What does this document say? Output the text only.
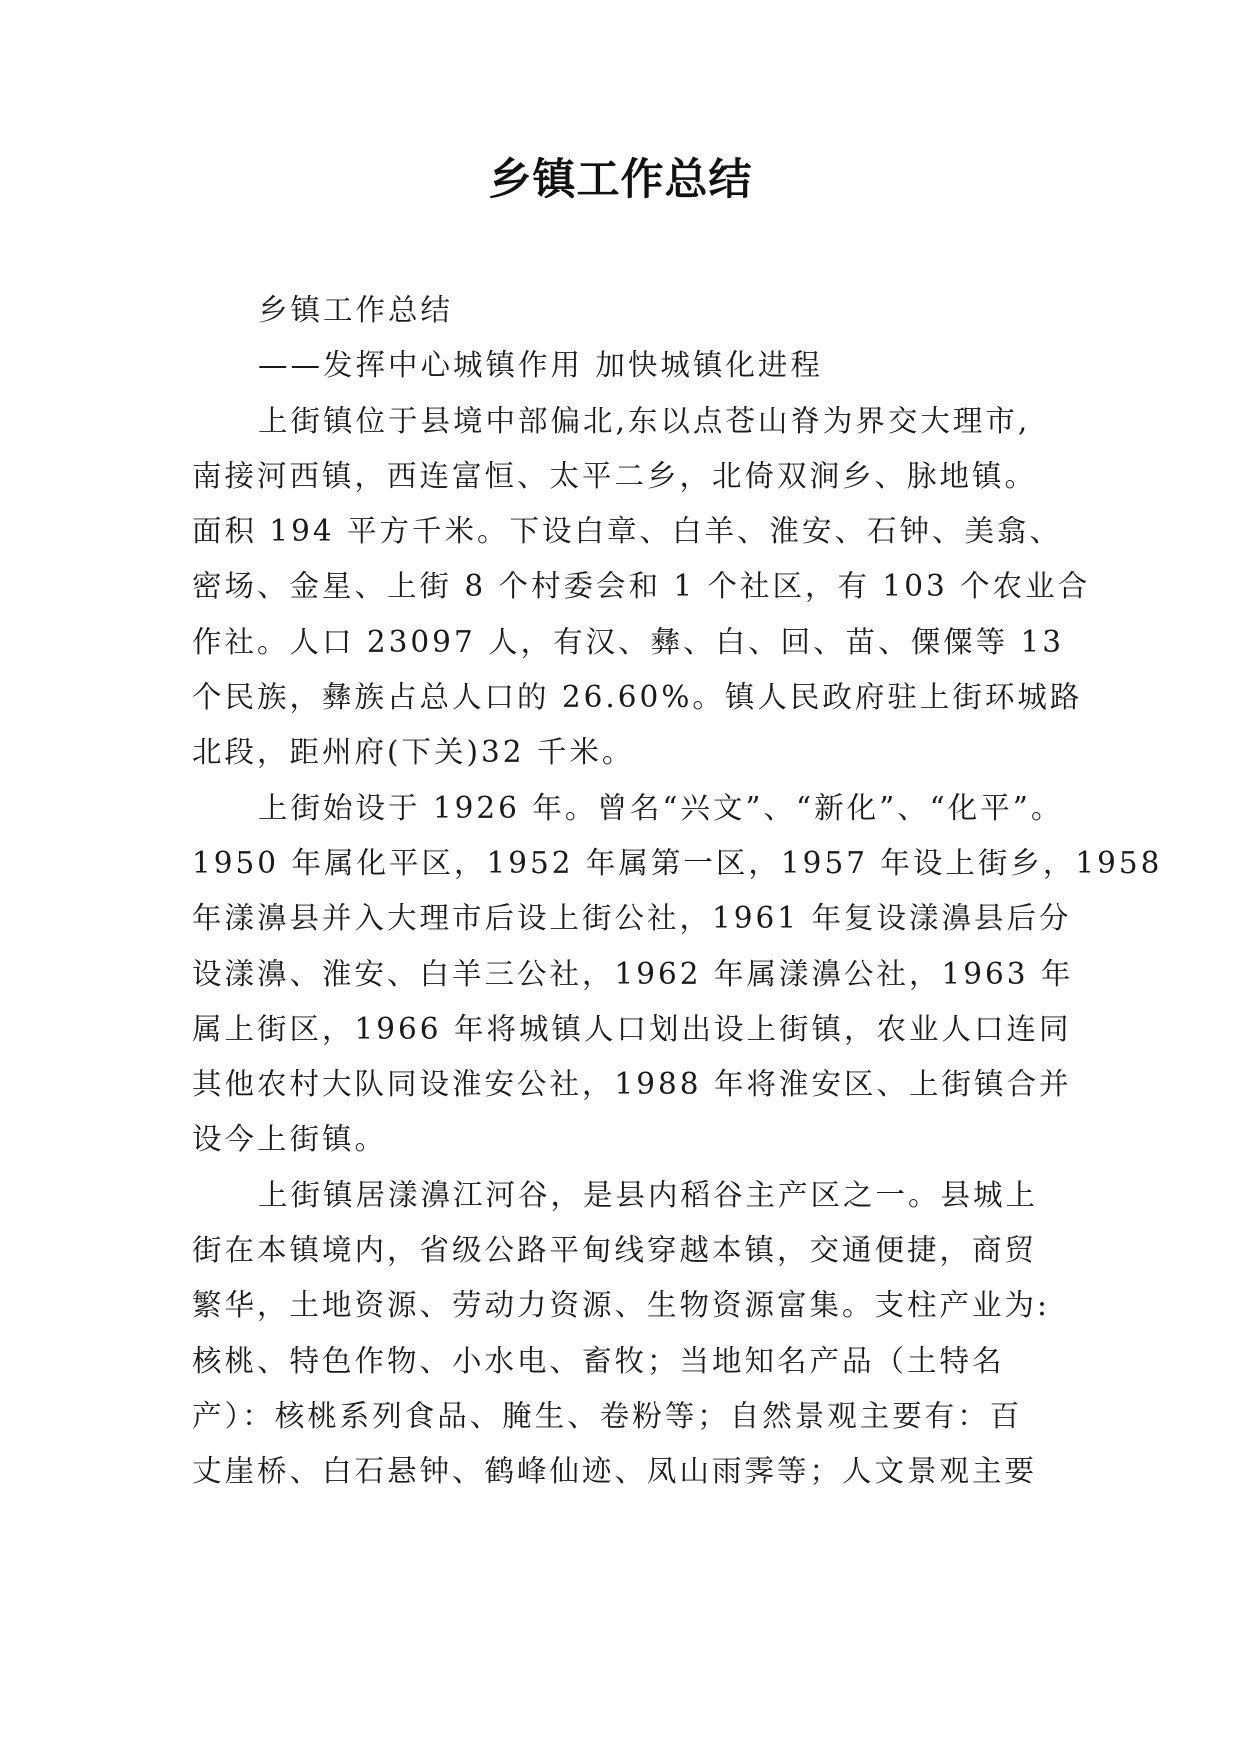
乡镇工作总结
乡镇工作总结
——发挥中心城镇作用 加快城镇化进程
上街镇位于县境中部偏北,东以点苍山脊为界交大理市,
南接河西镇，西连富恒、太平二乡，北倚双涧乡、脉地镇。
面积 194 平方千米。下设白章、白羊、淮安、石钟、美翕、
密场、金星、上街 8 个村委会和 1 个社区，有 103 个农业合
作社。人口 23097 人，有汉、彝、白、回、苗、傈僳等 13
个民族，彝族占总人口的 26.60%。镇人民政府驻上街环城路
北段，距州府(下关)32 千米。
上街始设于 1926 年。曾名“兴文”、“新化”、“化平”。
1950 年属化平区，1952 年属第一区，1957 年设上街乡，1958
年漾濞县并入大理市后设上街公社，1961 年复设漾濞县后分
设漾濞、淮安、白羊三公社，1962 年属漾濞公社，1963 年
属上街区，1966 年将城镇人口划出设上街镇，农业人口连同
其他农村大队同设淮安公社，1988 年将淮安区、上街镇合并
设今上街镇。
上街镇居漾濞江河谷，是县内稻谷主产区之一。县城上
街在本镇境内，省级公路平甸线穿越本镇，交通便捷，商贸
繁华，土地资源、劳动力资源、生物资源富集。支柱产业为:
核桃、特色作物、小水电、畜牧；当地知名产品（土特名
产）：核桃系列食品、腌生、卷粉等；自然景观主要有：百
丈崖桥、白石悬钟、鹤峰仙迹、凤山雨霁等；人文景观主要
